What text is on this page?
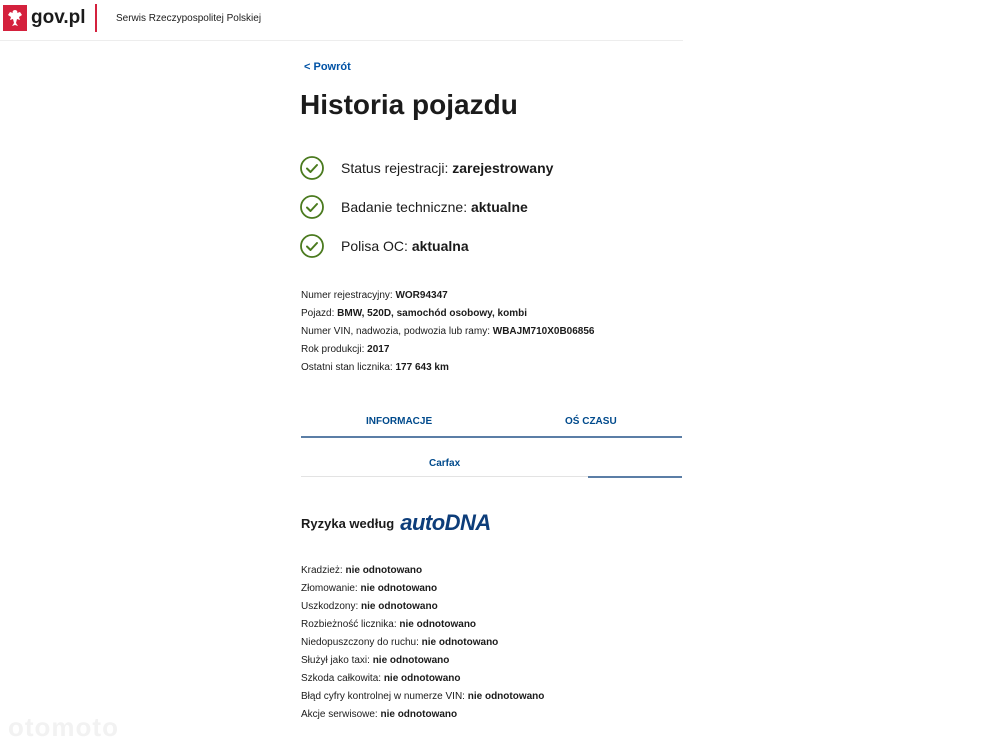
gov.pl	Serwis Rzeczypospolitej Polskiej
< Powrót
Historia pojazdu
Status rejestracji: zarejestrowany
Badanie techniczne: aktualne
Polisa OC: aktualna
Numer rejestracyjny: WOR94347
Pojazd: BMW, 520D, samochód osobowy, kombi
Numer VIN, nadwozia, podwozia lub ramy: WBAJM710X0B06856
Rok produkcji: 2017
Ostatni stan licznika: 177 643 km
INFORMACJE	OŚ CZASU
Carfax
Ryzyka według autoDNA
Kradzież: nie odnotowano
Złomowanie: nie odnotowano
Uszkodzony: nie odnotowano
Rozbieżność licznika: nie odnotowano
Niedopuszczony do ruchu: nie odnotowano
Służył jako taxi: nie odnotowano
Szkoda całkowita: nie odnotowano
Błąd cyfry kontrolnej w numerze VIN: nie odnotowano
Akcje serwisowe: nie odnotowano
otomoto
